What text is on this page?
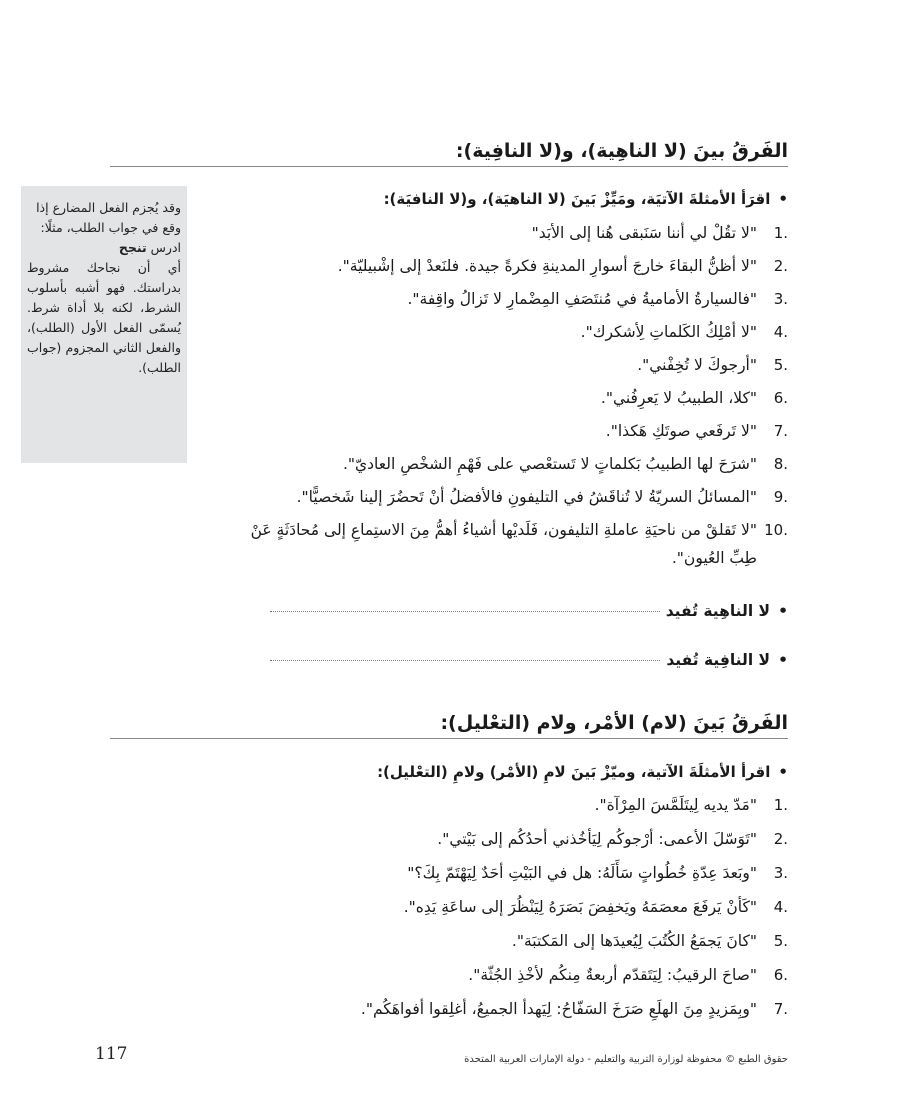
الفَرقُ بينَ (لا الناهِية)، و(لا النافِية):
• اقرَأ الأمثلةَ الآتيَة، ومَيِّزْ بَينَ (لا الناهيَة)، و(لا النافيَة):
"لا تقُلْ لي أننا سَنَبقى هُنا إلى الأبَد" 1.
"لا أظنُّ البقاءَ خارجَ أسوارِ المدينةِ فكرةً جيدة. فلنَعدْ إلى إشْبيليّة". 2.
"فالسيارةُ الأماميةُ في مُنتَصَفِ المِضْمارِ لا تَزالُ واقِفة". 3.
"لا أمْلِكُ الكَلماتِ لِأشكرك". 4.
"أرجوكَ لا تُخِفْني". 5.
"كلا، الطبيبُ لا يَعرِفُني". 6.
"لا تَرفَعي صوتَكِ هَكذا". 7.
"شرَحَ لها الطبيبُ بَكلماتٍ لا تَستعْصي على فَهْمِ الشخْصِ العاديّ". 8.
"المسائلُ السريّةُ لا تُناقَشُ في التليفونِ فالأفضلُ أنْ تَحضُرَ إلينا شَخصيًّا". 9.
"لا تَقلقْ من ناحيَةِ عاملةِ التليفون، فَلَديْها أشياءُ أهمُّ مِنَ الاستِماعِ إلى مُحادَثَةٍ عَنْ 10.
طِبِّ العُيون".
• لا الناهِية تُفيد
• لا النافِية تُفيد
الفَرقُ بَينَ (لام) الأمْر، ولام (التعْليل):
• اقرأ الأمثلَةَ الآتية، وميّزْ بَينَ لامِ (الأمْر) ولامِ (التعْليل):
"مَدّ يديه لِيتَلَمَّسَ المِرْآة". 1.
"تَوَسّلَ الأعمى: أرْجوكُم لِيَأخُذني أحدُكُم إلى بَيْتي". 2.
"وبَعدَ عِدّةِ خُطُواتٍ سَأَلَهُ: هل في البَيْتِ أحَدٌ لِيَهْتَمّ بِكَ؟" 3.
"كَأنْ يَرفَعَ معصَمَهُ ويَخفِضَ بَصَرَهُ لِيَنْظُرَ إلى ساعَةِ يَدِه". 4.
"كانَ يَجمَعُ الكُتُبَ لِيُعيدَها إلى المَكتبَة". 5.
"صاحَ الرقيبُ: لِيَتَقدّم أربعةٌ مِنكُم لأخْذِ الجُثّة". 6.
"وبِمَزيدٍ مِنَ الهلَعِ صَرَخَ السَفّاحُ: لِيَهدأ الجميعُ، أغلِقوا أفواهَكُم". 7.
وقد يُجزم الفعل المضارع إذا وقع في جواب الطلب، مثلًا:
ادرس تنجح
أي أن نجاحك مشروط بدراستك. فهو أشبه بأسلوب الشرط، لكنه بلا أداة شرط. يُسمّى الفعل الأول (الطلب)، والفعل الثاني المجزوم (جواب الطلب).
حقوق الطبع © محفوظة لوزارة التربية والتعليم - دولة الإمارات العربية المتحدة
117
